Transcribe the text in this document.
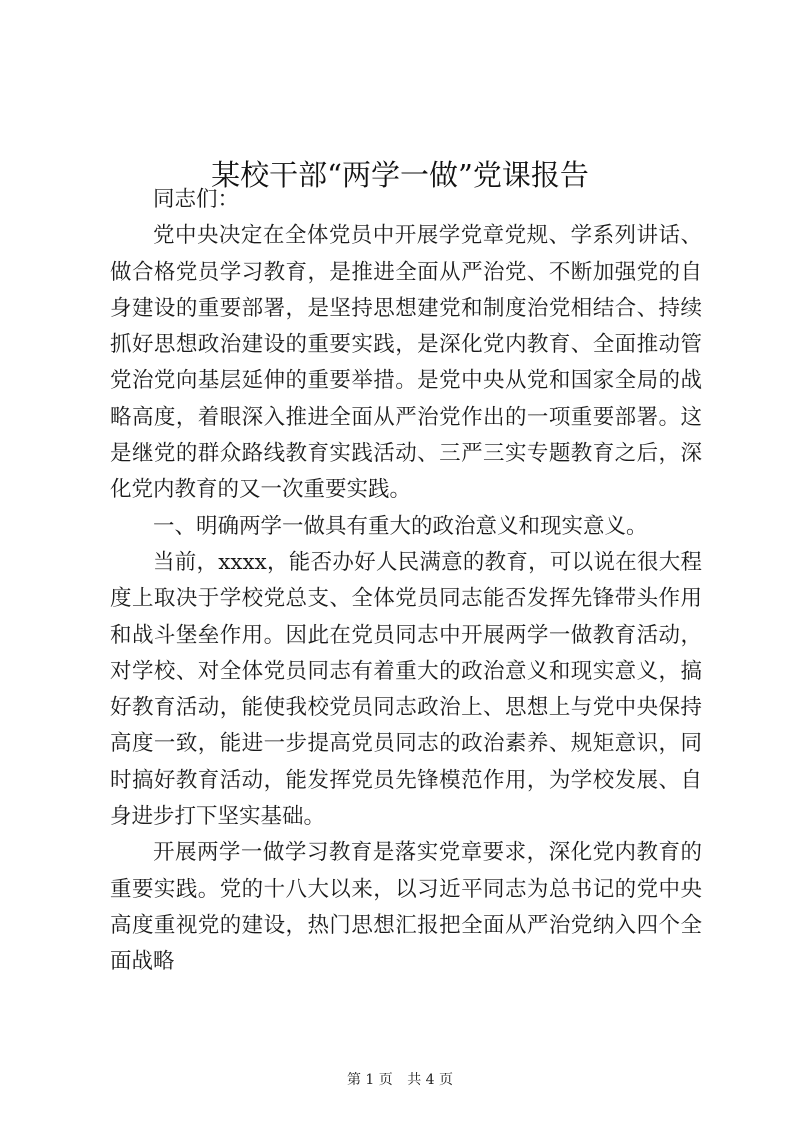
某校干部“两学一做”党课报告

同志们：

党中央决定在全体党员中开展学党章党规、学系列讲话、做合格党员学习教育，是推进全面从严治党、不断加强党的自身建设的重要部署，是坚持思想建党和制度治党相结合、持续抓好思想政治建设的重要实践，是深化党内教育、全面推动管党治党向基层延伸的重要举措。是党中央从党和国家全局的战略高度，着眼深入推进全面从严治党作出的一项重要部署。这是继党的群众路线教育实践活动、三严三实专题教育之后，深化党内教育的又一次重要实践。

一、明确两学一做具有重大的政治意义和现实意义。

当前，xxxx，能否办好人民满意的教育，可以说在很大程度上取决于学校党总支、全体党员同志能否发挥先锋带头作用和战斗堡垒作用。因此在党员同志中开展两学一做教育活动，对学校、对全体党员同志有着重大的政治意义和现实意义，搞好教育活动，能使我校党员同志政治上、思想上与党中央保持高度一致，能进一步提高党员同志的政治素养、规矩意识，同时搞好教育活动，能发挥党员先锋模范作用，为学校发展、自身进步打下坚实基础。

开展两学一做学习教育是落实党章要求，深化党内教育的重要实践。党的十八大以来，以习近平同志为总书记的党中央高度重视党的建设，热门思想汇报把全面从严治党纳入四个全面战略

第 1 页 共 4 页
